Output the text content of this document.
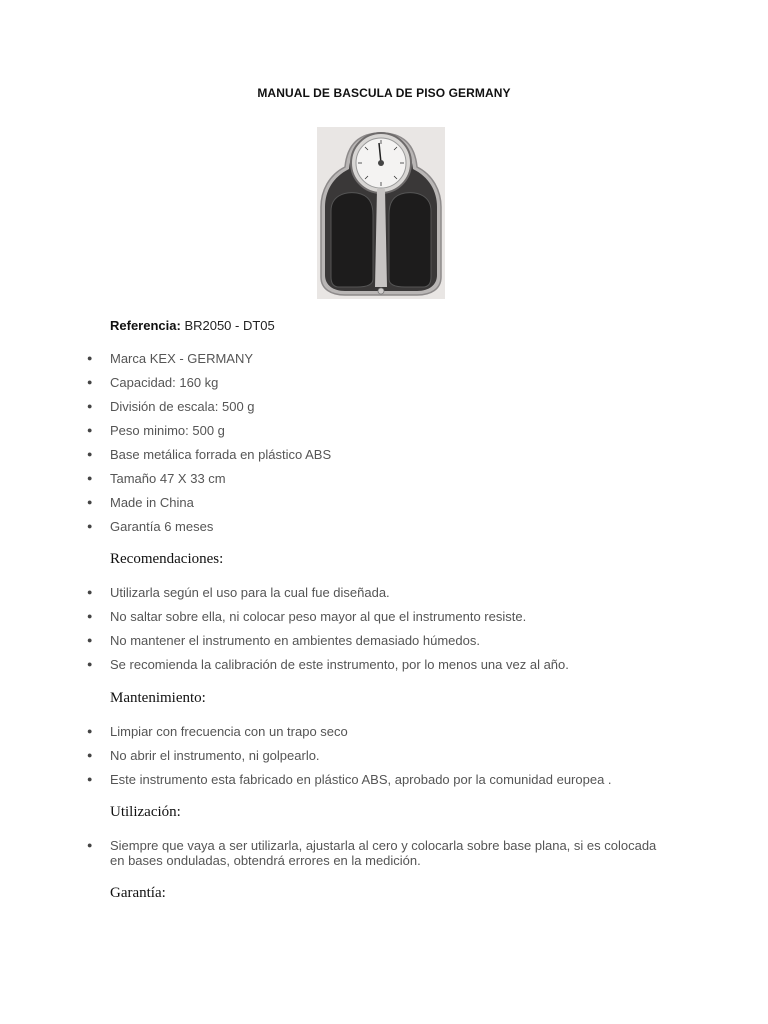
MANUAL DE BASCULA DE PISO GERMANY
Referencia: BR2050 - DT05
● Marca KEX - GERMANY
● Capacidad: 160 kg
● División de escala: 500 g
● Peso minimo: 500 g
● Base metálica forrada en plástico ABS
● Tamaño 47 X 33 cm
● Made in China
● Garantía 6 meses
Recomendaciones:
● Utilizarla según el uso para la cual fue diseñada.
● No saltar sobre ella, ni colocar peso mayor al que el instrumento resiste.
● No mantener el instrumento en ambientes demasiado húmedos.
● Se recomienda la calibración de este instrumento, por lo menos una vez al año.
Mantenimiento:
● Limpiar con frecuencia con un trapo seco
● No abrir el instrumento, ni golpearlo.
● Este instrumento esta fabricado en plástico ABS, aprobado por la comunidad europea .
Utilización:
● Siempre que vaya a ser utilizarla, ajustarla al cero y colocarla sobre base plana, si es colocada en bases onduladas, obtendrá errores en la medición.
Garantía:
